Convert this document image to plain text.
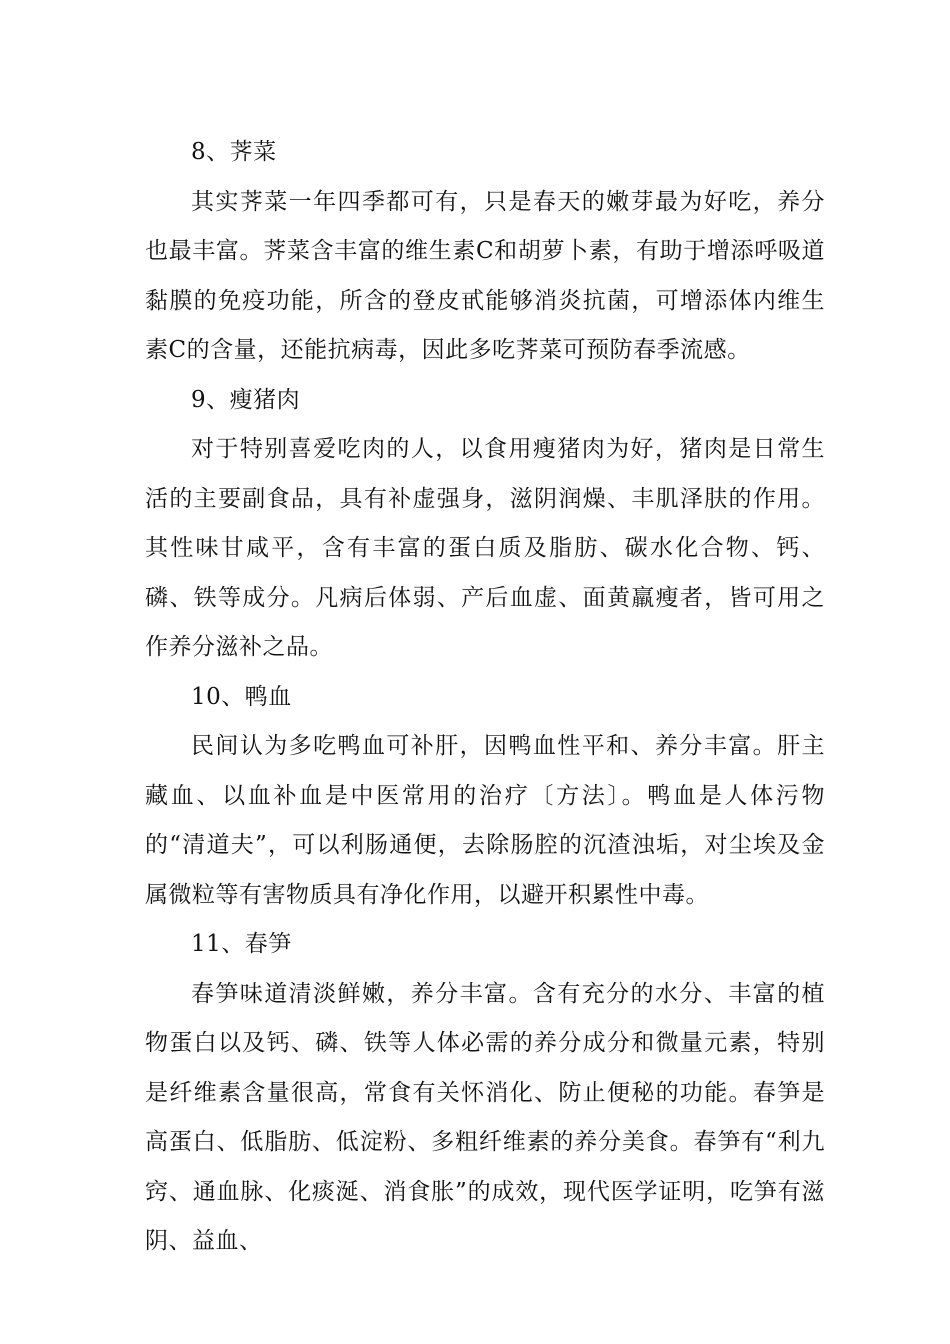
8、荠菜

其实荠菜一年四季都可有，只是春天的嫩芽最为好吃，养分也最丰富。荠菜含丰富的维生素C和胡萝卜素，有助于增添呼吸道黏膜的免疫功能，所含的登皮甙能够消炎抗菌，可增添体内维生素C的含量，还能抗病毒，因此多吃荠菜可预防春季流感。

9、瘦猪肉

对于特别喜爱吃肉的人，以食用瘦猪肉为好，猪肉是日常生活的主要副食品，具有补虚强身，滋阴润燥、丰肌泽肤的作用。其性味甘咸平，含有丰富的蛋白质及脂肪、碳水化合物、钙、磷、铁等成分。凡病后体弱、产后血虚、面黄羸瘦者，皆可用之作养分滋补之品。

10、鸭血

民间认为多吃鸭血可补肝，因鸭血性平和、养分丰富。肝主藏血、以血补血是中医常用的治疗〔方法〕。鸭血是人体污物的“清道夫”，可以利肠通便，去除肠腔的沉渣浊垢，对尘埃及金属微粒等有害物质具有净化作用，以避开积累性中毒。

11、春笋

春笋味道清淡鲜嫩，养分丰富。含有充分的水分、丰富的植物蛋白以及钙、磷、铁等人体必需的养分成分和微量元素，特别是纤维素含量很高，常食有关怀消化、防止便秘的功能。春笋是高蛋白、低脂肪、低淀粉、多粗纤维素的养分美食。春笋有“利九窍、通血脉、化痰涎、消食胀”的成效，现代医学证明，吃笋有滋阴、益血、
